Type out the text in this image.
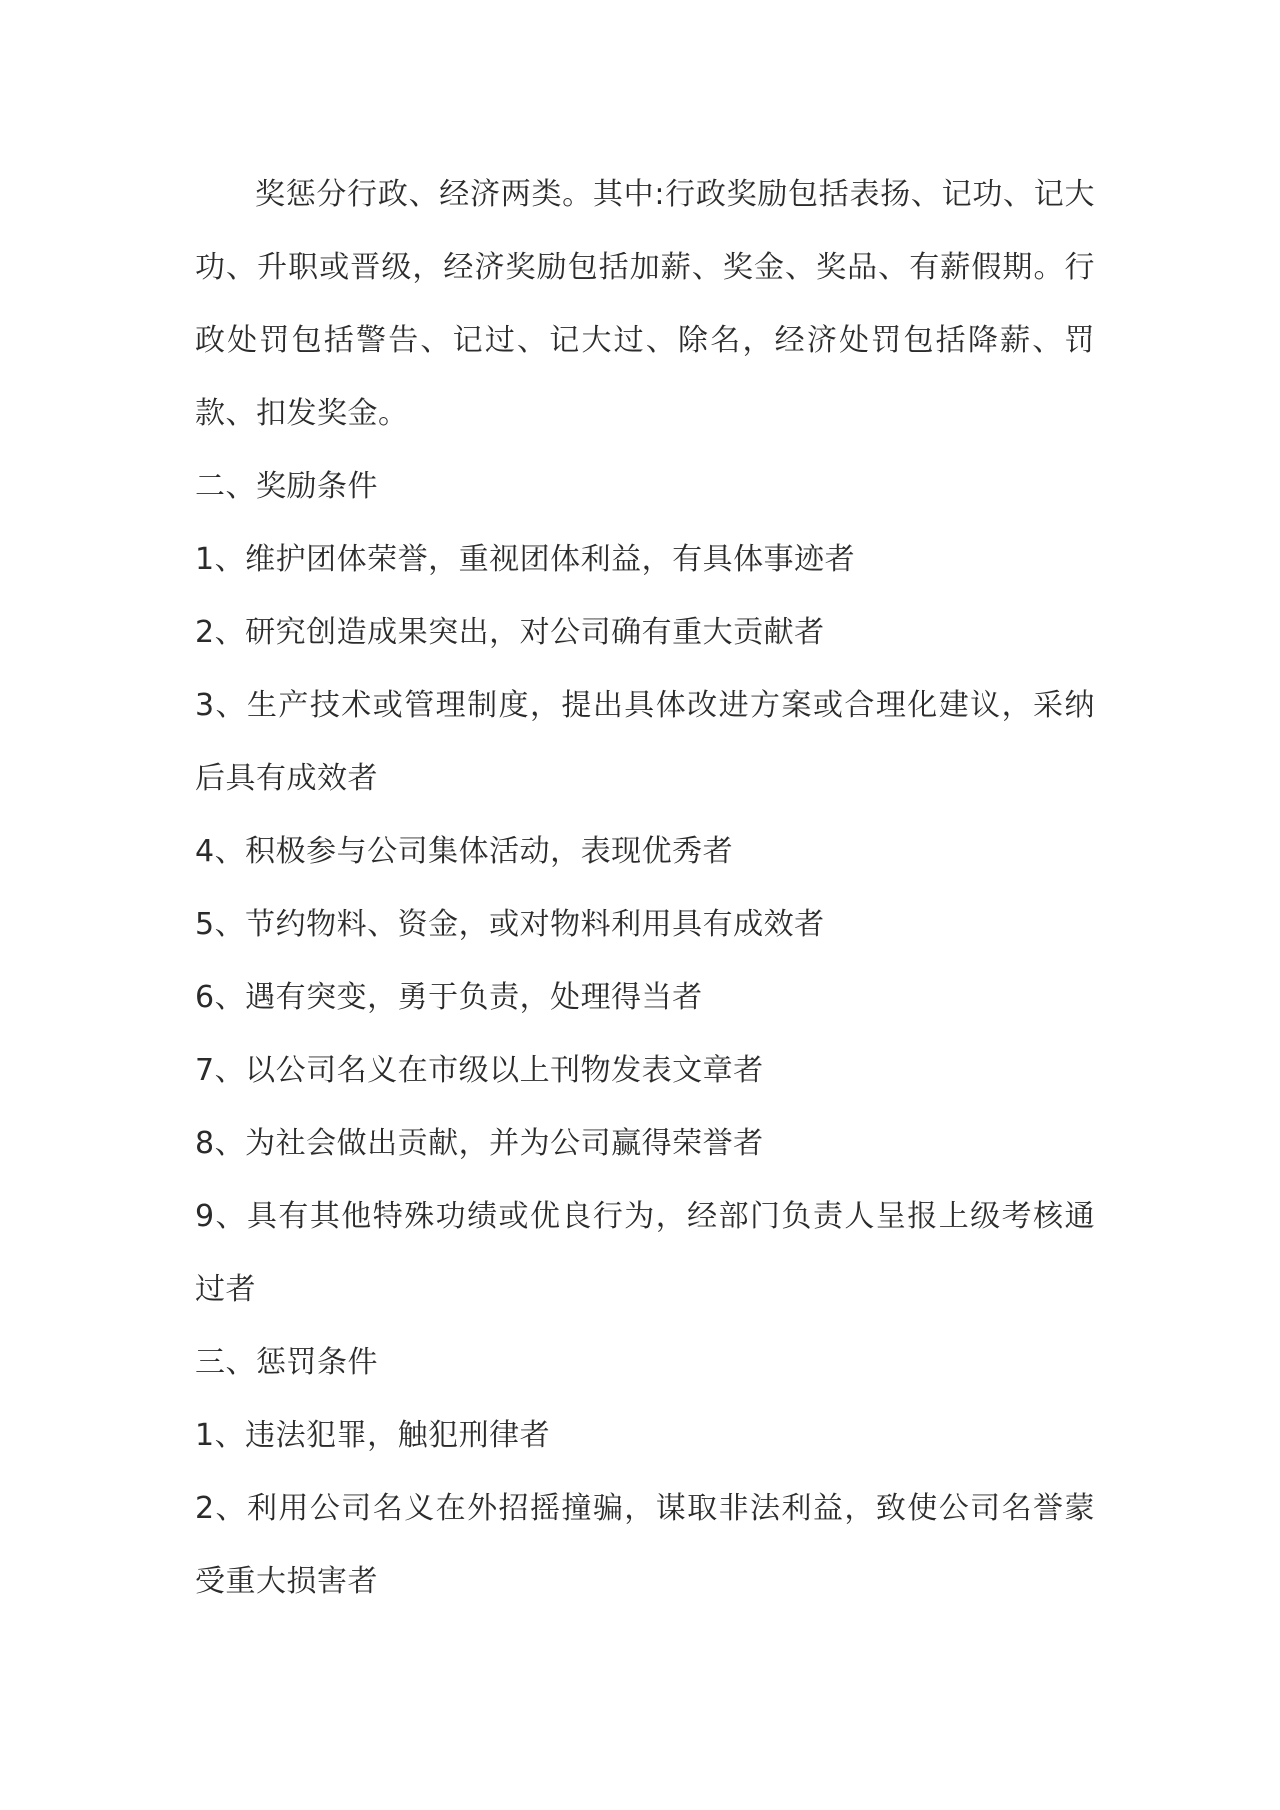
奖惩分行政、经济两类。其中:行政奖励包括表扬、记功、记大功、升职或晋级，经济奖励包括加薪、奖金、奖品、有薪假期。行政处罚包括警告、记过、记大过、除名，经济处罚包括降薪、罚款、扣发奖金。

二、奖励条件
1、维护团体荣誉，重视团体利益，有具体事迹者
2、研究创造成果突出，对公司确有重大贡献者
3、生产技术或管理制度，提出具体改进方案或合理化建议，采纳后具有成效者
4、积极参与公司集体活动，表现优秀者
5、节约物料、资金，或对物料利用具有成效者
6、遇有突变，勇于负责，处理得当者
7、以公司名义在市级以上刊物发表文章者
8、为社会做出贡献，并为公司赢得荣誉者
9、具有其他特殊功绩或优良行为，经部门负责人呈报上级考核通过者
三、惩罚条件
1、违法犯罪，触犯刑律者
2、利用公司名义在外招摇撞骗，谋取非法利益，致使公司名誉蒙受重大损害者
